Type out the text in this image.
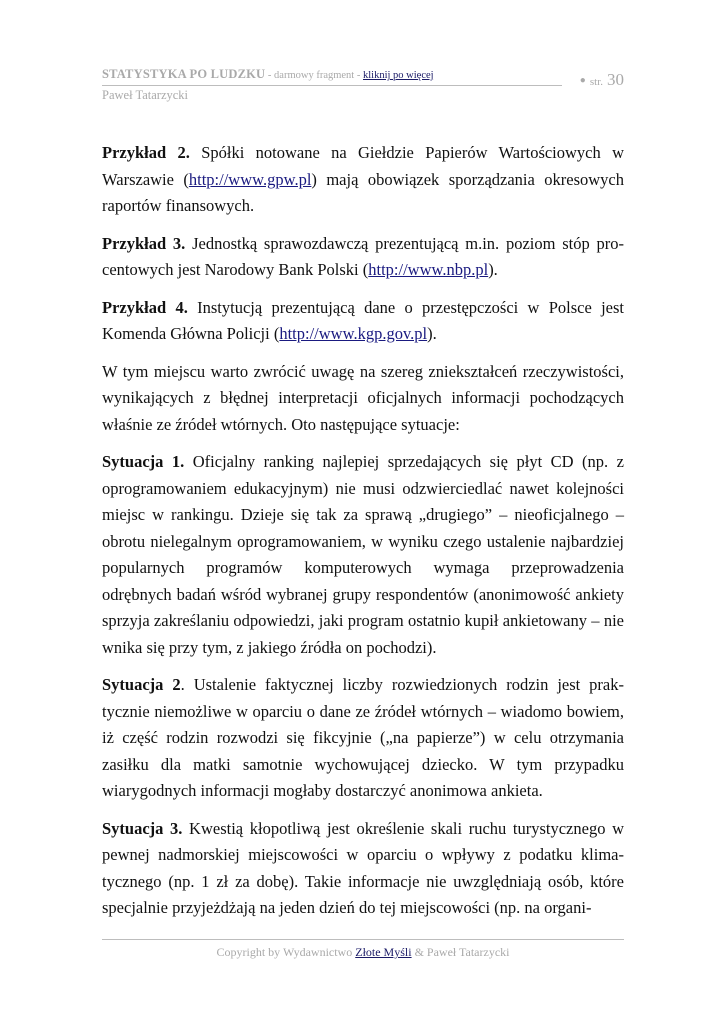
STATYSTYKA PO LUDZKU - darmowy fragment - kliknij po więcej	● str. 30
Paweł Tatarzycki

Przykład 2. Spółki notowane na Giełdzie Papierów Wartościowych w Warszawie (http://www.gpw.pl) mają obowiązek sporządzania okresowych raportów finansowych.

Przykład 3. Jednostką sprawozdawczą prezentującą m.in. poziom stóp procentowych jest Narodowy Bank Polski (http://www.nbp.pl).

Przykład 4. Instytucją prezentującą dane o przestępczości w Polsce jest Komenda Główna Policji (http://www.kgp.gov.pl).

W tym miejscu warto zwrócić uwagę na szereg zniekształceń rzeczywistości, wynikających z błędnej interpretacji oficjalnych informacji pochodzących właśnie ze źródeł wtórnych. Oto następujące sytuacje:

Sytuacja 1. Oficjalny ranking najlepiej sprzedających się płyt CD (np. z oprogramowaniem edukacyjnym) nie musi odzwierciedlać nawet kolejności miejsc w rankingu. Dzieje się tak za sprawą „drugiego” – nieoficjalnego – obrotu nielegalnym oprogramowaniem, w wyniku czego ustalenie najbardziej popularnych programów komputerowych wymaga przeprowadzenia odrębnych badań wśród wybranej grupy respondentów (anonimowość ankiety sprzyja zakreślaniu odpowiedzi, jaki program ostatnio kupił ankietowany – nie wnika się przy tym, z jakiego źródła on pochodzi).

Sytuacja 2. Ustalenie faktycznej liczby rozwiedzionych rodzin jest praktycznie niemożliwe w oparciu o dane ze źródeł wtórnych – wiadomo bowiem, iż część rodzin rozwodzi się fikcyjnie („na papierze”) w celu otrzymania zasiłku dla matki samotnie wychowującej dziecko. W tym przypadku wiarygodnych informacji mogłaby dostarczyć anonimowa ankieta.

Sytuacja 3. Kwestią kłopotliwą jest określenie skali ruchu turystycznego w pewnej nadmorskiej miejscowości w oparciu o wpływy z podatku klimatycznego (np. 1 zł za dobę). Takie informacje nie uwzględniają osób, które specjalnie przyjeżdżają na jeden dzień do tej miejscowości (np. na organi-

Copyright by Wydawnictwo Złote Myśli & Paweł Tatarzycki
